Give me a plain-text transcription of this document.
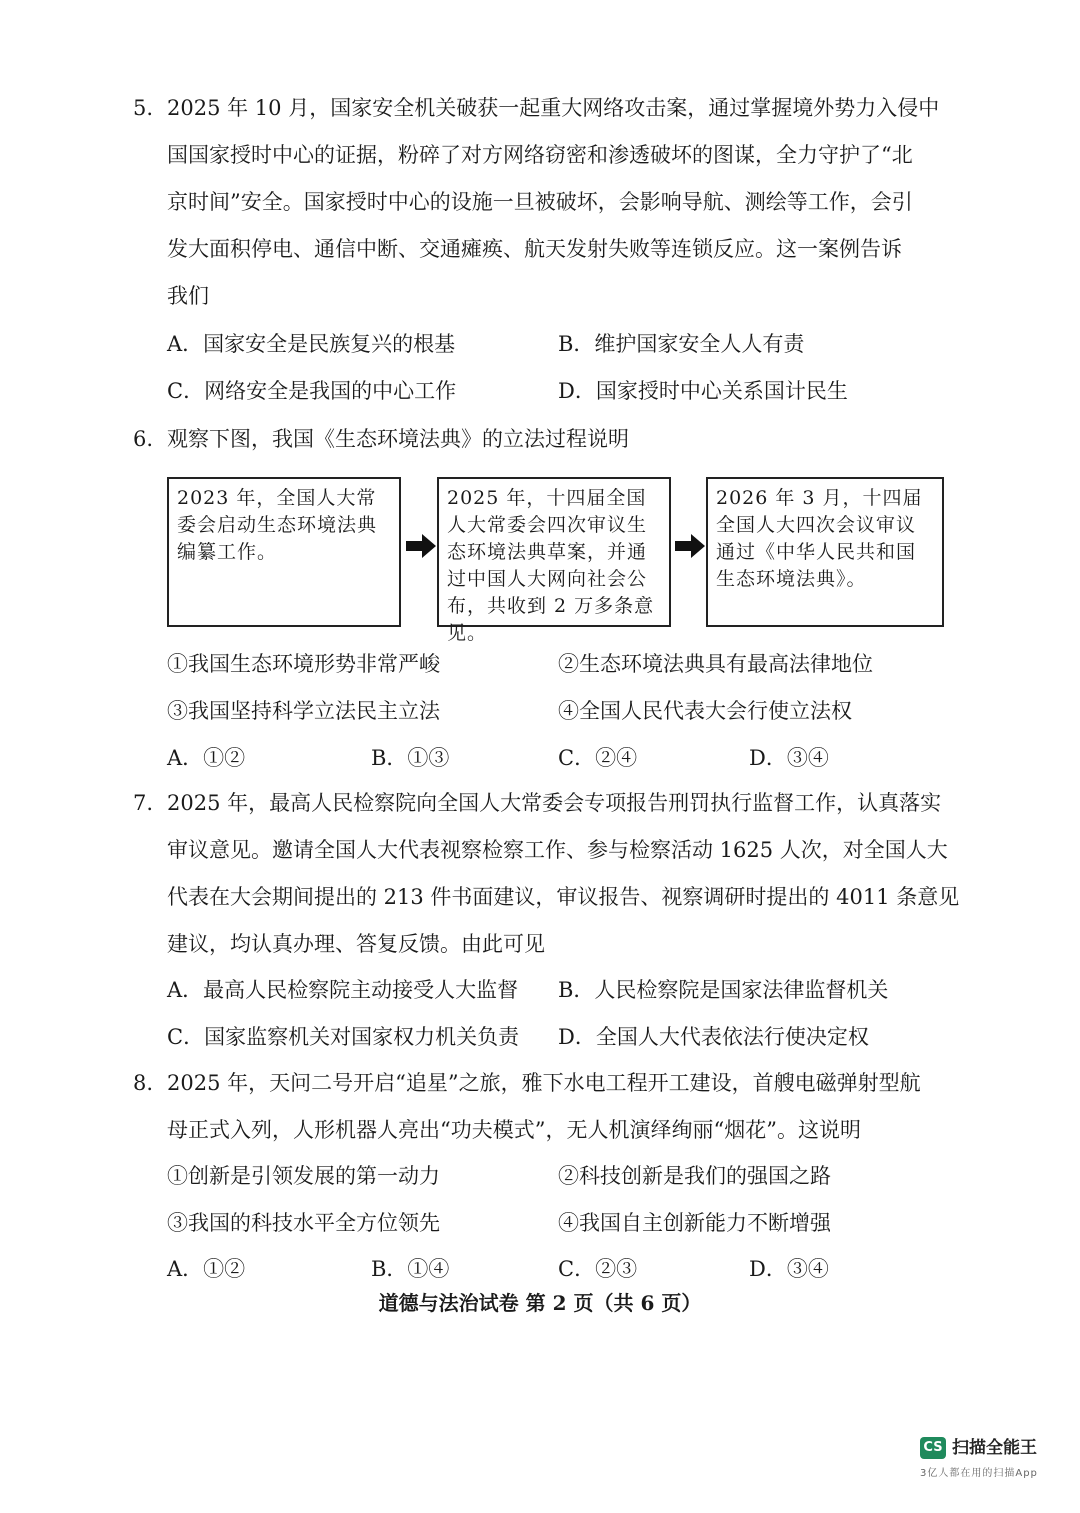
5. 2025 年 10 月，国家安全机关破获一起重大网络攻击案，通过掌握境外势力入侵中
国国家授时中心的证据，粉碎了对方网络窃密和渗透破坏的图谋，全力守护了“北
京时间”安全。国家授时中心的设施一旦被破坏，会影响导航、测绘等工作，会引
发大面积停电、通信中断、交通瘫痪、航天发射失败等连锁反应。这一案例告诉
我们
A．国家安全是民族复兴的根基	B．维护国家安全人人有责
C．网络安全是我国的中心工作	D．国家授时中心关系国计民生
6. 观察下图，我国《生态环境法典》的立法过程说明
2023 年，全国人大常委会启动生态环境法典编纂工作。
2025 年，十四届全国人大常委会四次审议生态环境法典草案，并通过中国人大网向社会公布，共收到 2 万多条意见。
2026 年 3 月，十四届全国人大四次会议审议通过《中华人民共和国生态环境法典》。
①我国生态环境形势非常严峻	②生态环境法典具有最高法律地位
③我国坚持科学立法民主立法	④全国人民代表大会行使立法权
A．①②	B．①③	C．②④	D．③④
7. 2025 年，最高人民检察院向全国人大常委会专项报告刑罚执行监督工作，认真落实
审议意见。邀请全国人大代表视察检察工作、参与检察活动 1625 人次，对全国人大
代表在大会期间提出的 213 件书面建议，审议报告、视察调研时提出的 4011 条意见
建议，均认真办理、答复反馈。由此可见
A．最高人民检察院主动接受人大监督 B．人民检察院是国家法律监督机关
C．国家监察机关对国家权力机关负责 D．全国人大代表依法行使决定权
8. 2025 年，天问二号开启“追星”之旅，雅下水电工程开工建设，首艘电磁弹射型航
母正式入列，人形机器人亮出“功夫模式”，无人机演绎绚丽“烟花”。这说明
①创新是引领发展的第一动力	②科技创新是我们的强国之路
③我国的科技水平全方位领先	④我国自主创新能力不断增强
A．①②	B．①④	C．②③	D．③④
道德与法治试卷 第 2 页（共 6 页）
CS 扫描全能王
3亿人都在用的扫描App
